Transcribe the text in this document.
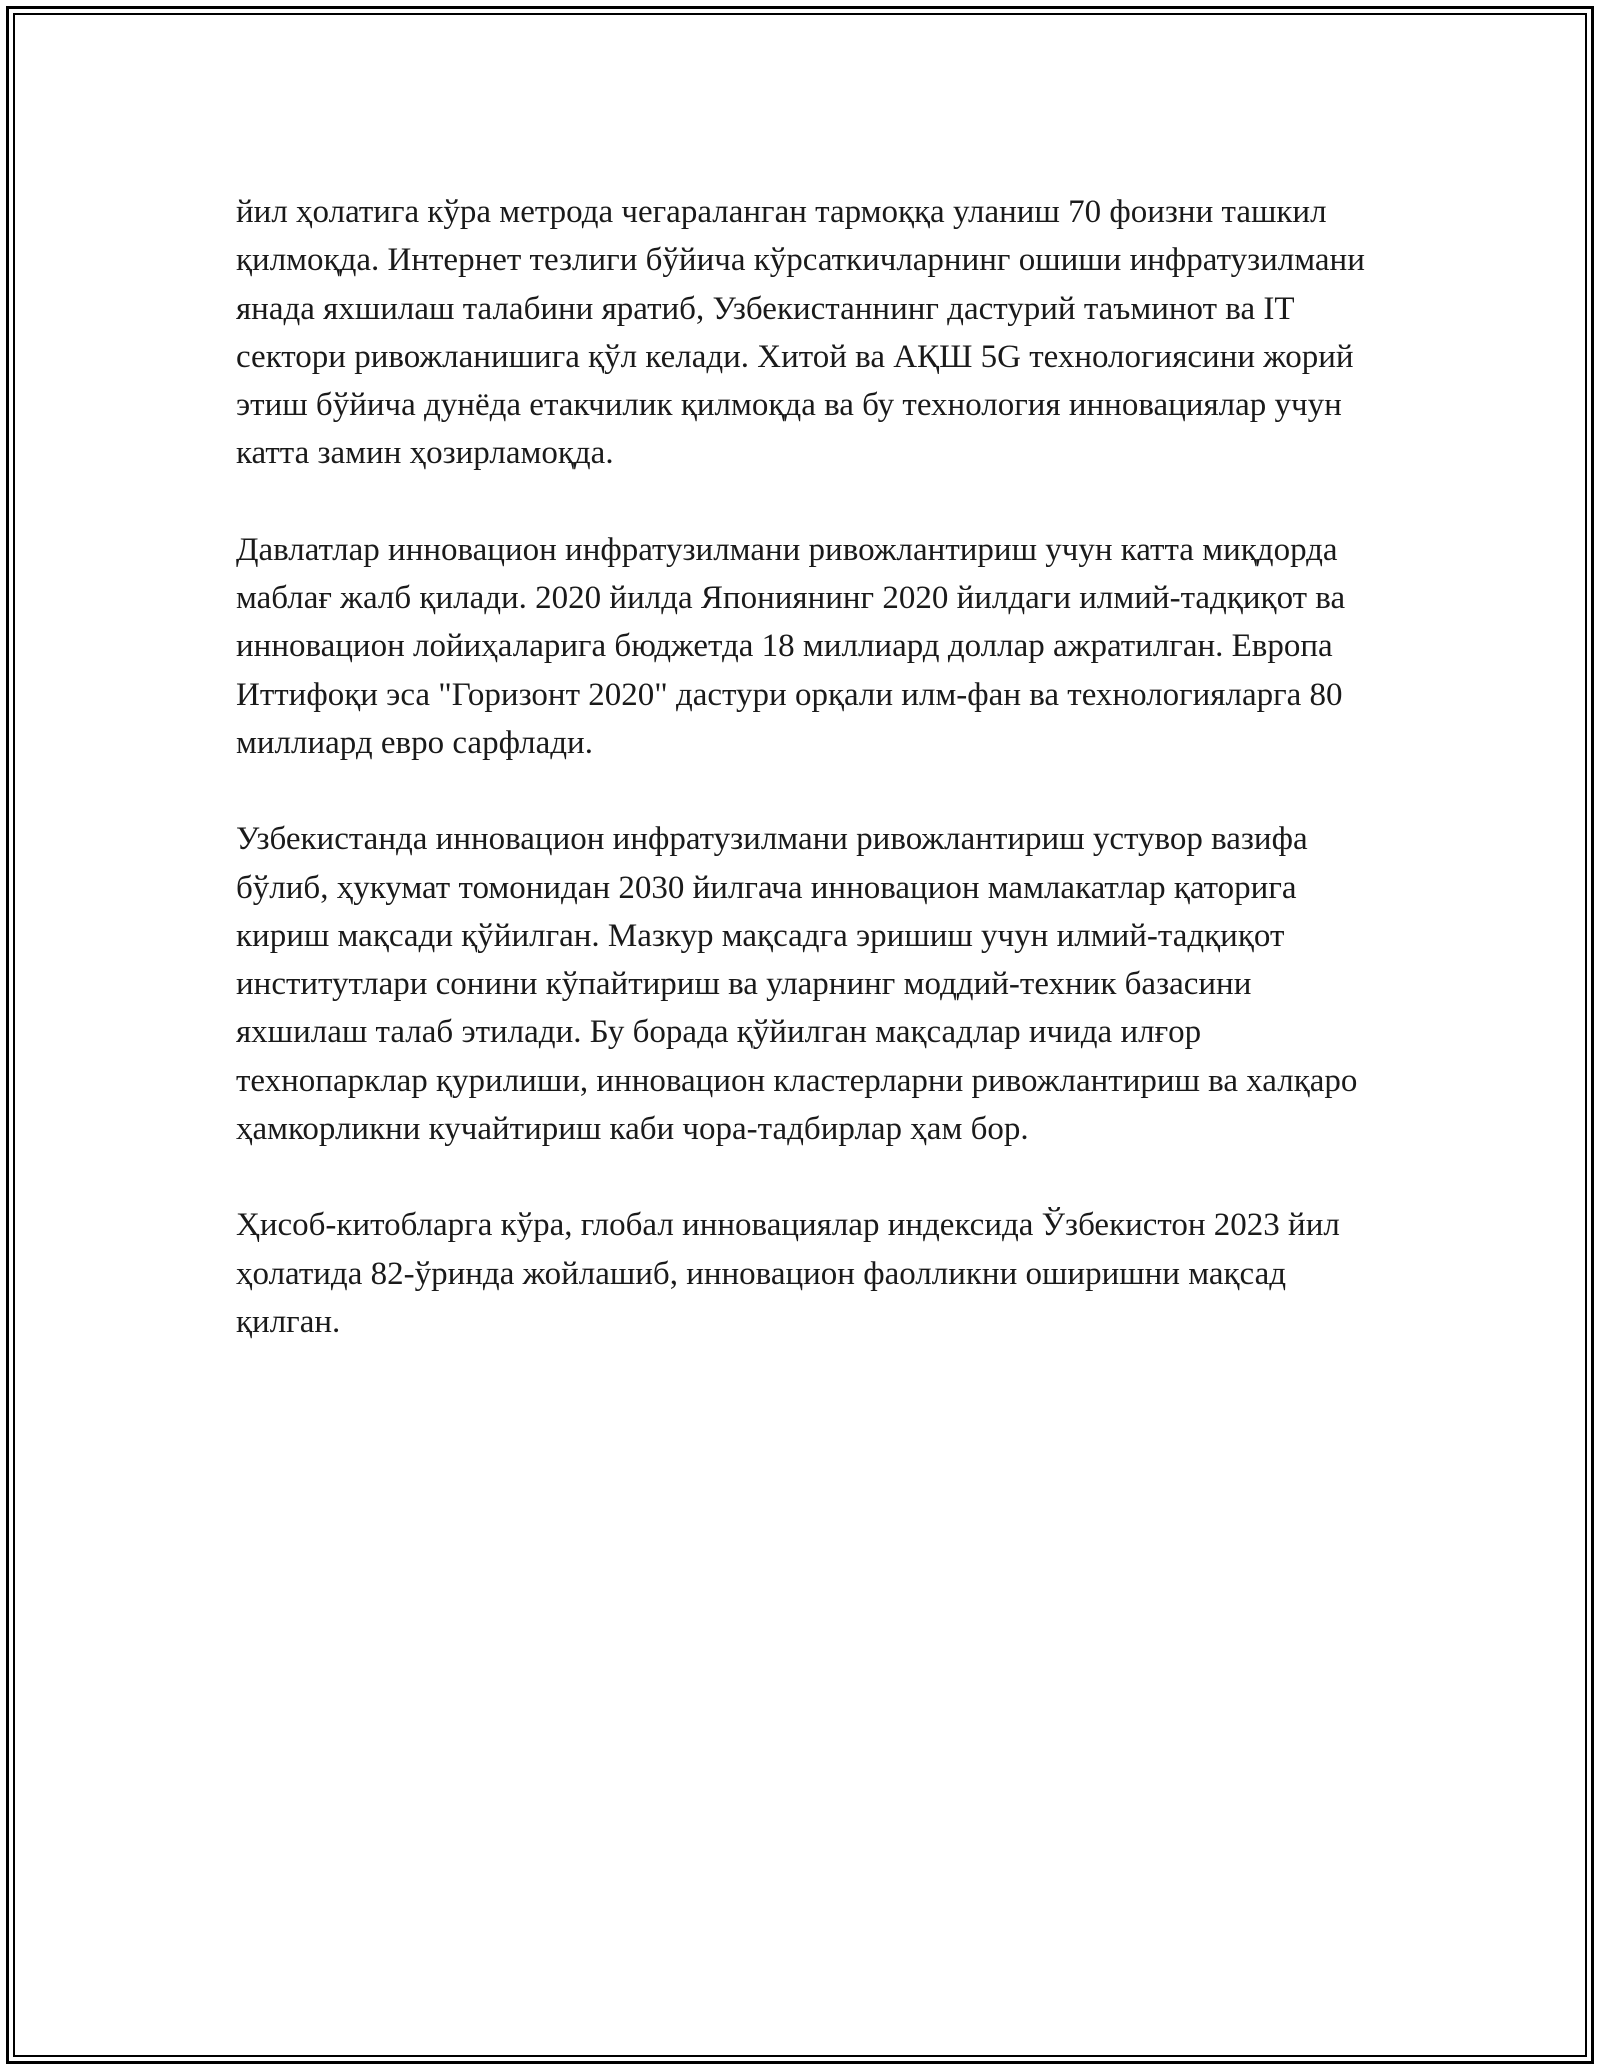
йил ҳолатига кўра метрода чегараланган тармоққа уланиш 70 фоизни ташкил қилмоқда. Интернет тезлиги бўйича кўрсаткичларнинг ошиши инфратузилмани янада яхшилаш талабини яратиб, Узбекистаннинг дастурий таъминот ва IT сектори ривожланишига қўл келади. Хитой ва АҚШ 5G технологиясини жорий этиш бўйича дунёда етакчилик қилмоқда ва бу технология инновациялар учун катта замин ҳозирламоқда.

Давлатлар инновацион инфратузилмани ривожлантириш учун катта миқдорда маблағ жалб қилади. 2020 йилда Япониянинг 2020 йилдаги илмий-тадқиқот ва инновацион лойиҳаларига бюджетда 18 миллиард доллар ажратилган. Европа Иттифоқи эса "Горизонт 2020" дастури орқали илм-фан ва технологияларга 80 миллиард евро сарфлади.

Узбекистанда инновацион инфратузилмани ривожлантириш устувор вазифа бўлиб, ҳукумат томонидан 2030 йилгача инновацион мамлакатлар қаторига кириш мақсади қўйилган. Мазкур мақсадга эришиш учун илмий-тадқиқот институтлари сонини кўпайтириш ва уларнинг моддий-техник базасини яхшилаш талаб этилади. Бу борада қўйилган мақсадлар ичида илғор технопарклар қурилиши, инновацион кластерларни ривожлантириш ва халқаро ҳамкорликни кучайтириш каби чора-тадбирлар ҳам бор.

Ҳисоб-китобларга кўра, глобал инновациялар индексида Ўзбекистон 2023 йил ҳолатида 82-ўринда жойлашиб, инновацион фаолликни оширишни мақсад қилган.
